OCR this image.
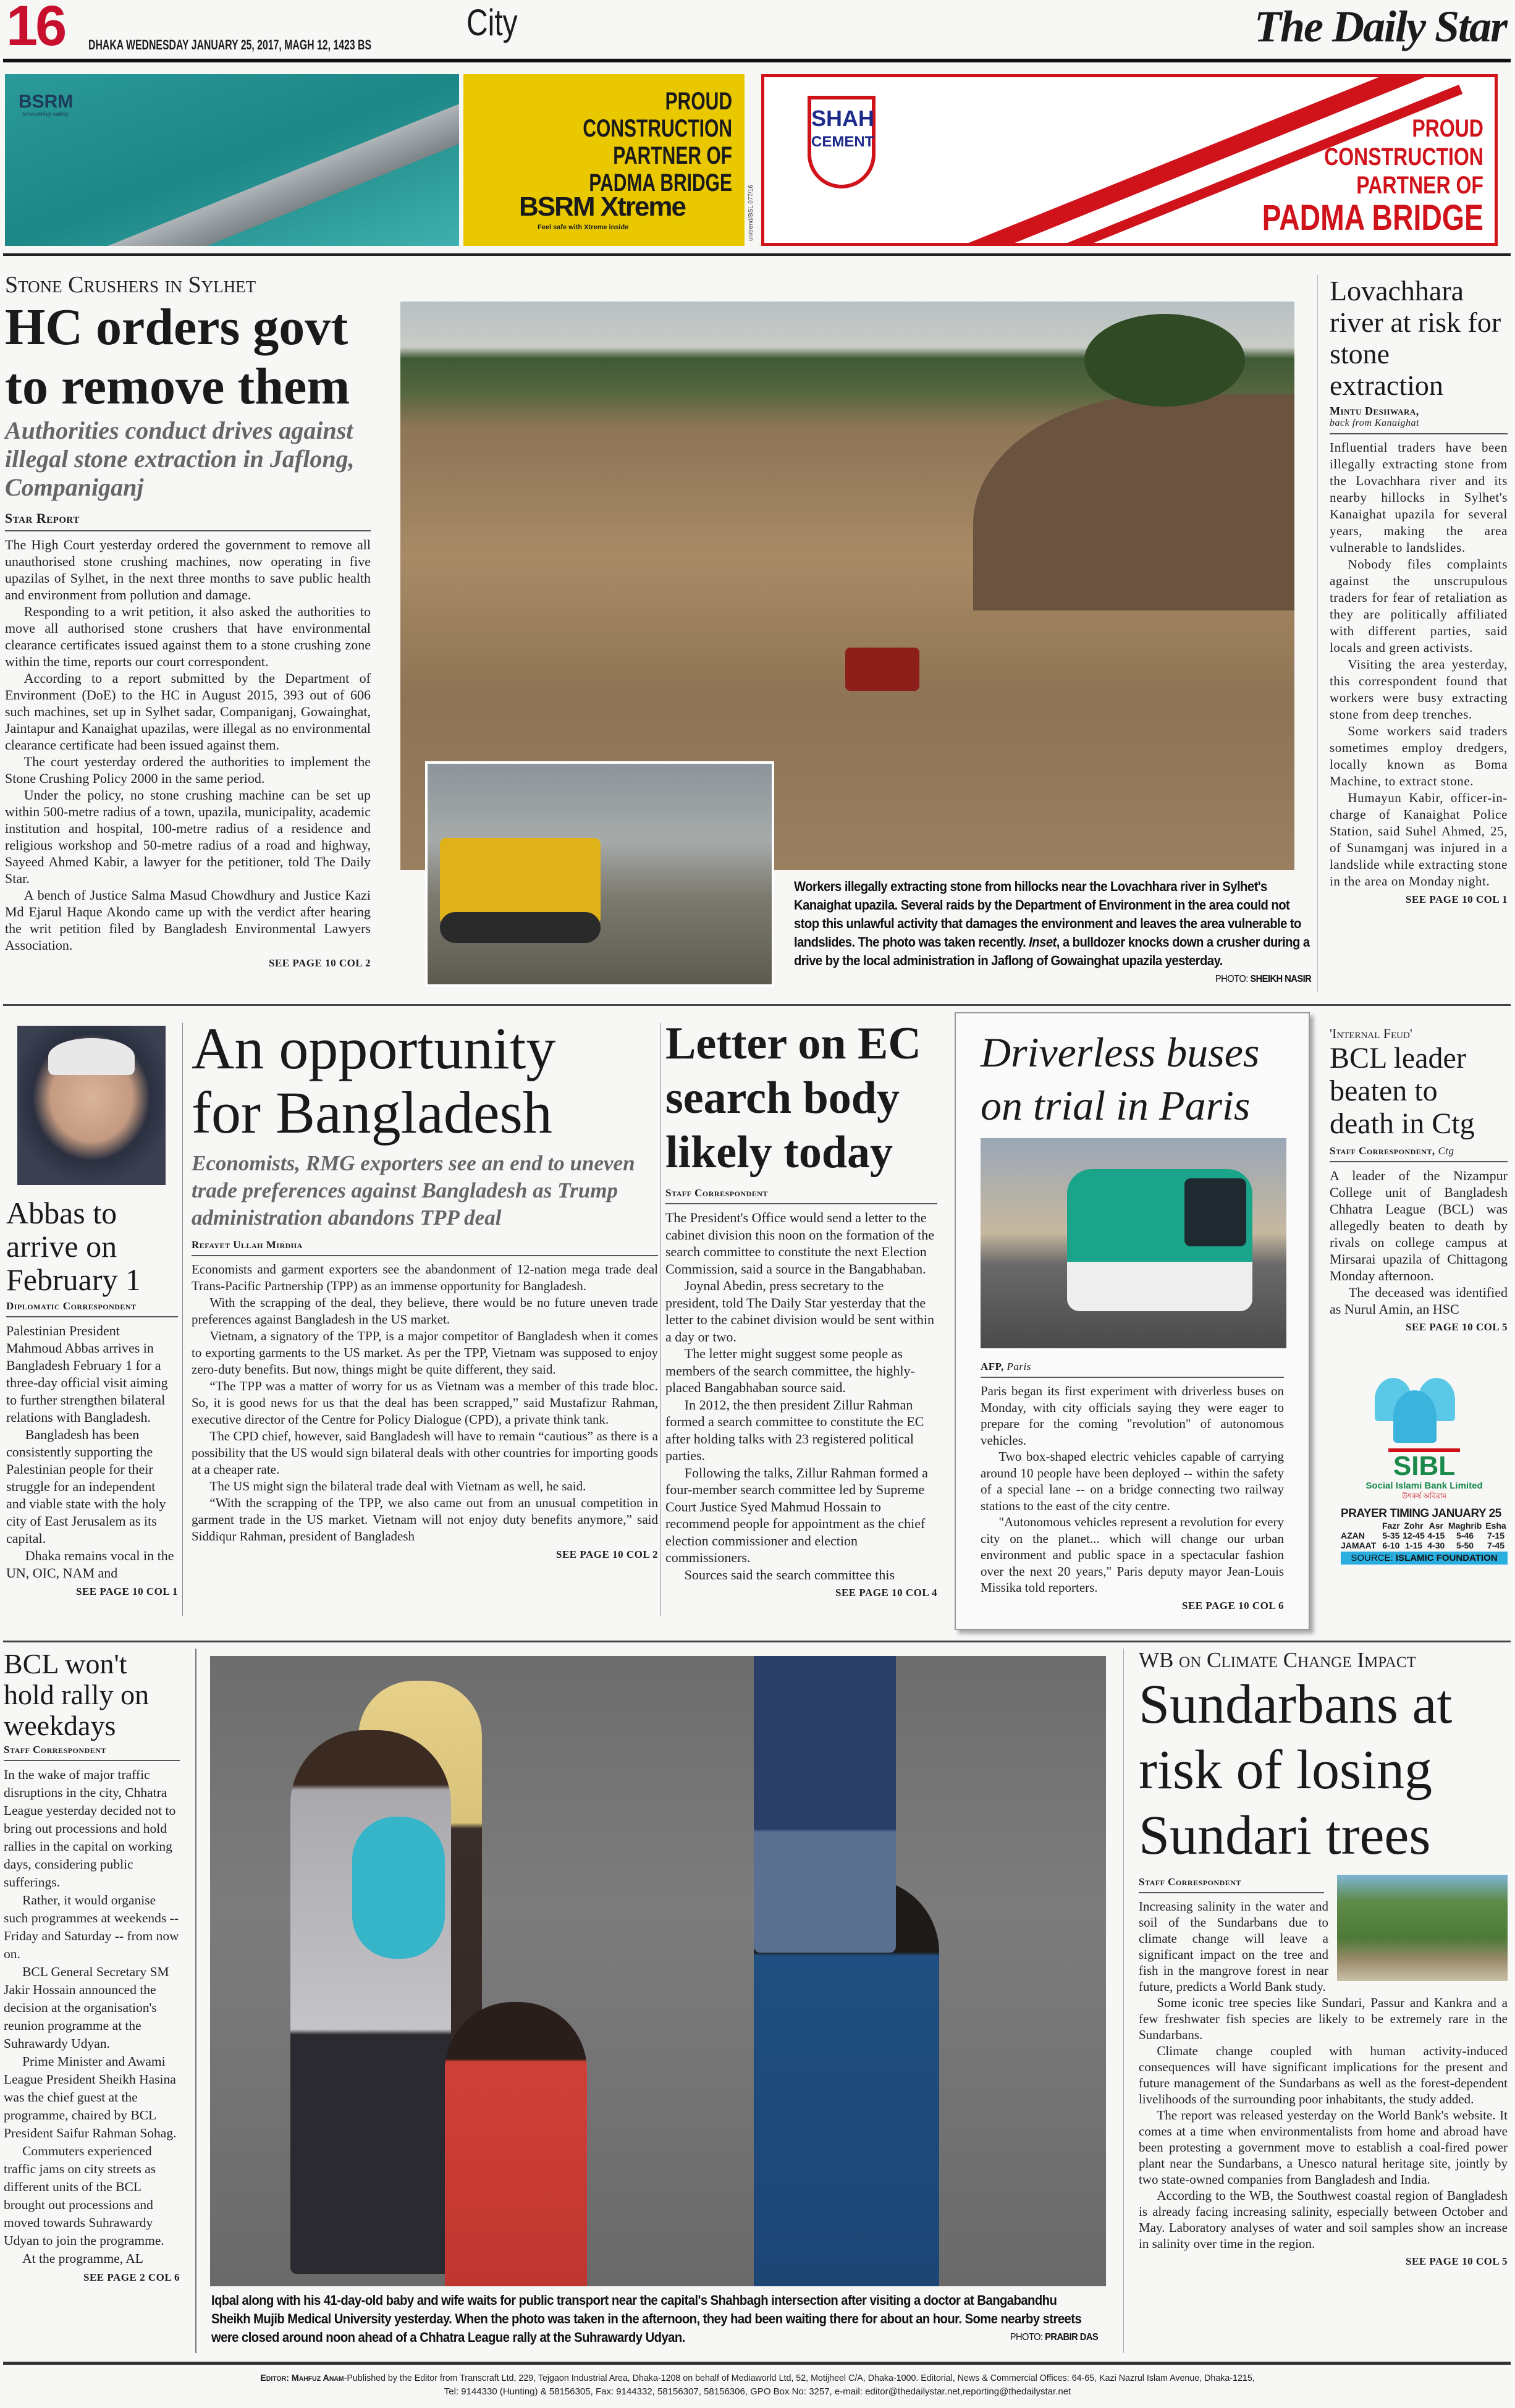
16 DHAKA WEDNESDAY JANUARY 25, 2017, MAGH 12, 1423 BS
City	The Daily Star
BSRM
Innovating safety	PROUD CONSTRUCTION
PARTNER OF
PADMA BRIDGE
BSRM Xtreme
Feel safe with Xtreme inside	unitrend/BSL 077/16
SHAH
CEMENT	PROUD
CONSTRUCTION
PARTNER OF
PADMA BRIDGE
Stone Crushers in Sylhet
HC orders govt
to remove them
Authorities conduct drives against illegal stone extraction in Jaflong, Companiganj
Star Report

The High Court yesterday ordered the government to remove all unauthorised stone crushing machines, now operating in five upazilas of Sylhet, in the next three months to save public health and environment from pollution and damage.

Responding to a writ petition, it also asked the authorities to move all authorised stone crushers that have environmental clearance certificates issued against them to a stone crushing zone within the time, reports our court correspondent.

According to a report submitted by the Department of Environment (DoE) to the HC in August 2015, 393 out of 606 such machines, set up in Sylhet sadar, Companiganj, Gowainghat, Jaintapur and Kanaighat upazilas, were illegal as no environmental clearance certificate had been issued against them.

The court yesterday ordered the authorities to implement the Stone Crushing Policy 2000 in the same period.

Under the policy, no stone crushing machine can be set up within 500-metre radius of a town, upazila, municipality, academic institution and hospital, 100-metre radius of a residence and religious workshop and 50-metre radius of a road and highway, Sayeed Ahmed Kabir, a lawyer for the petitioner, told The Daily Star.

A bench of Justice Salma Masud Chowdhury and Justice Kazi Md Ejarul Haque Akondo came up with the verdict after hearing the writ petition filed by Bangladesh Environmental Lawyers Association.

SEE PAGE 10 COL 2
Workers illegally extracting stone from hillocks near the Lovachhara river in Sylhet's Kanaighat upazila. Several raids by the Department of Environment in the area could not stop this unlawful activity that damages the environment and leaves the area vulnerable to landslides. The photo was taken recently. Inset, a bulldozer knocks down a crusher during a drive by the local administration in Jaflong of Gowainghat upazila yesterday.
PHOTO: SHEIKH NASIR
Lovachhara river at risk for stone extraction
Mintu Deshwara,
back from Kanaighat

Influential traders have been illegally extracting stone from the Lovachhara river and its nearby hillocks in Sylhet's Kanaighat upazila for several years, making the area vulnerable to landslides.

Nobody files complaints against the unscrupulous traders for fear of retaliation as they are politically affiliated with different parties, said locals and green activists.

Visiting the area yesterday, this correspondent found that workers were busy extracting stone from deep trenches.

Some workers said traders sometimes employ dredgers, locally known as Boma Machine, to extract stone.

Humayun Kabir, officer-in-charge of Kanaighat Police Station, said Suhel Ahmed, 25, of Sunamganj was injured in a landslide while extracting stone in the area on Monday night.

SEE PAGE 10 COL 1
Abbas to arrive on February 1
Diplomatic Correspondent

Palestinian President Mahmoud Abbas arrives in Bangladesh February 1 for a three-day official visit aiming to further strengthen bilateral relations with Bangladesh.

Bangladesh has been consistently supporting the Palestinian people for their struggle for an independent and viable state with the holy city of East Jerusalem as its capital.

Dhaka remains vocal in the UN, OIC, NAM and

SEE PAGE 10 COL 1
An opportunity
for Bangladesh
Economists, RMG exporters see an end to uneven trade preferences against Bangladesh as Trump administration abandons TPP deal
Refayet Ullah Mirdha

Economists and garment exporters see the abandonment of 12-nation mega trade deal Trans-Pacific Partnership (TPP) as an immense opportunity for Bangladesh.

With the scrapping of the deal, they believe, there would be no future uneven trade preferences against Bangladesh in the US market.

Vietnam, a signatory of the TPP, is a major competitor of Bangladesh when it comes to exporting garments to the US market. As per the TPP, Vietnam was supposed to enjoy zero-duty benefits. But now, things might be quite different, they said.

“The TPP was a matter of worry for us as Vietnam was a member of this trade bloc. So, it is good news for us that the deal has been scrapped,” said Mustafizur Rahman, executive director of the Centre for Policy Dialogue (CPD), a private think tank.

The CPD chief, however, said Bangladesh will have to remain “cautious” as there is a possibility that the US would sign bilateral deals with other countries for importing goods at a cheaper rate.

The US might sign the bilateral trade deal with Vietnam as well, he said.

“With the scrapping of the TPP, we also came out from an unusual competition in garment trade in the US market. Vietnam will not enjoy duty benefits anymore,” said Siddiqur Rahman, president of Bangladesh

SEE PAGE 10 COL 2
Letter on EC
search body
likely today
Staff Correspondent

The President's Office would send a letter to the cabinet division this noon on the formation of the search committee to constitute the next Election Commission, said a source in the Bangabhaban.

Joynal Abedin, press secretary to the president, told The Daily Star yesterday that the letter to the cabinet division would be sent within a day or two.

The letter might suggest some people as members of the search committee, the highly-placed Bangabhaban source said.

In 2012, the then president Zillur Rahman formed a search committee to constitute the EC after holding talks with 23 registered political parties.

Following the talks, Zillur Rahman formed a four-member search committee led by Supreme Court Justice Syed Mahmud Hossain to recommend people for appointment as the chief election commissioner and election commissioners.

Sources said the search committee this

SEE PAGE 10 COL 4
Driverless buses
on trial in Paris
AFP, Paris

Paris began its first experiment with driverless buses on Monday, with city officials saying they were eager to prepare for the coming "revolution" of autonomous vehicles.

Two box-shaped electric vehicles capable of carrying around 10 people have been deployed -- within the safety of a special lane -- on a bridge connecting two railway stations to the east of the city centre.

"Autonomous vehicles represent a revolution for every city on the planet... which will change our urban environment and public space in a spectacular fashion over the next 20 years," Paris deputy mayor Jean-Louis Missika told reporters.

SEE PAGE 10 COL 6
'Internal Feud'
BCL leader beaten to death in Ctg
Staff Correspondent, Ctg

A leader of the Nizampur College unit of Bangladesh Chhatra League (BCL) was allegedly beaten to death by rivals on college campus at Mirsarai upazila of Chittagong Monday afternoon.

The deceased was identified as Nurul Amin, an HSC

SEE PAGE 10 COL 5
SIBL
Social Islami Bank Limited
উৎকর্ষ অবিরাম
PRAYER TIMING JANUARY 25
	Fazr	Zohr	Asr	Maghrib	Esha
AZAN	5-35	12-45	4-15	5-46	7-15
JAMAAT	6-10	1-15	4-30	5-50	7-45
SOURCE: ISLAMIC FOUNDATION
BCL won't hold rally on weekdays
Staff Correspondent

In the wake of major traffic disruptions in the city, Chhatra League yesterday decided not to bring out processions and hold rallies in the capital on working days, considering public sufferings.

Rather, it would organise such programmes at weekends -- Friday and Saturday -- from now on.

BCL General Secretary SM Jakir Hossain announced the decision at the organisation's reunion programme at the Suhrawardy Udyan.

Prime Minister and Awami League President Sheikh Hasina was the chief guest at the programme, chaired by BCL President Saifur Rahman Sohag.

Commuters experienced traffic jams on city streets as different units of the BCL brought out processions and moved towards Suhrawardy Udyan to join the programme.

At the programme, AL

SEE PAGE 2 COL 6
Iqbal along with his 41-day-old baby and wife waits for public transport near the capital's Shahbagh intersection after visiting a doctor at Bangabandhu Sheikh Mujib Medical University yesterday. When the photo was taken in the afternoon, they had been waiting there for about an hour. Some nearby streets were closed around noon ahead of a Chhatra League rally at the Suhrawardy Udyan.	PHOTO: PRABIR DAS
WB on Climate Change Impact
Sundarbans at
risk of losing
Sundari trees
Staff Correspondent

Increasing salinity in the water and soil of the Sundarbans due to climate change will leave a significant impact on the tree and fish in the mangrove forest in near future, predicts a World Bank study.

Some iconic tree species like Sundari, Passur and Kankra and a few freshwater fish species are likely to be extremely rare in the Sundarbans.

Climate change coupled with human activity-induced consequences will have significant implications for the present and future management of the Sundarbans as well as the forest-dependent livelihoods of the surrounding poor inhabitants, the study added.

The report was released yesterday on the World Bank's website. It comes at a time when environmentalists from home and abroad have been protesting a government move to establish a coal-fired power plant near the Sundarbans, a Unesco natural heritage site, jointly by two state-owned companies from Bangladesh and India.

According to the WB, the Southwest coastal region of Bangladesh is already facing increasing salinity, especially between October and May. Laboratory analyses of water and soil samples show an increase in salinity over time in the region.

SEE PAGE 10 COL 5
Editor: Mahfuz Anam-Published by the Editor from Transcraft Ltd, 229, Tejgaon Industrial Area, Dhaka-1208 on behalf of Mediaworld Ltd, 52, Motijheel C/A, Dhaka-1000. Editorial, News & Commercial Offices: 64-65, Kazi Nazrul Islam Avenue, Dhaka-1215,
Tel: 9144330 (Hunting) & 58156305, Fax: 9144332, 58156307, 58156306, GPO Box No: 3257, e-mail: editor@thedailystar.net,reporting@thedailystar.net
